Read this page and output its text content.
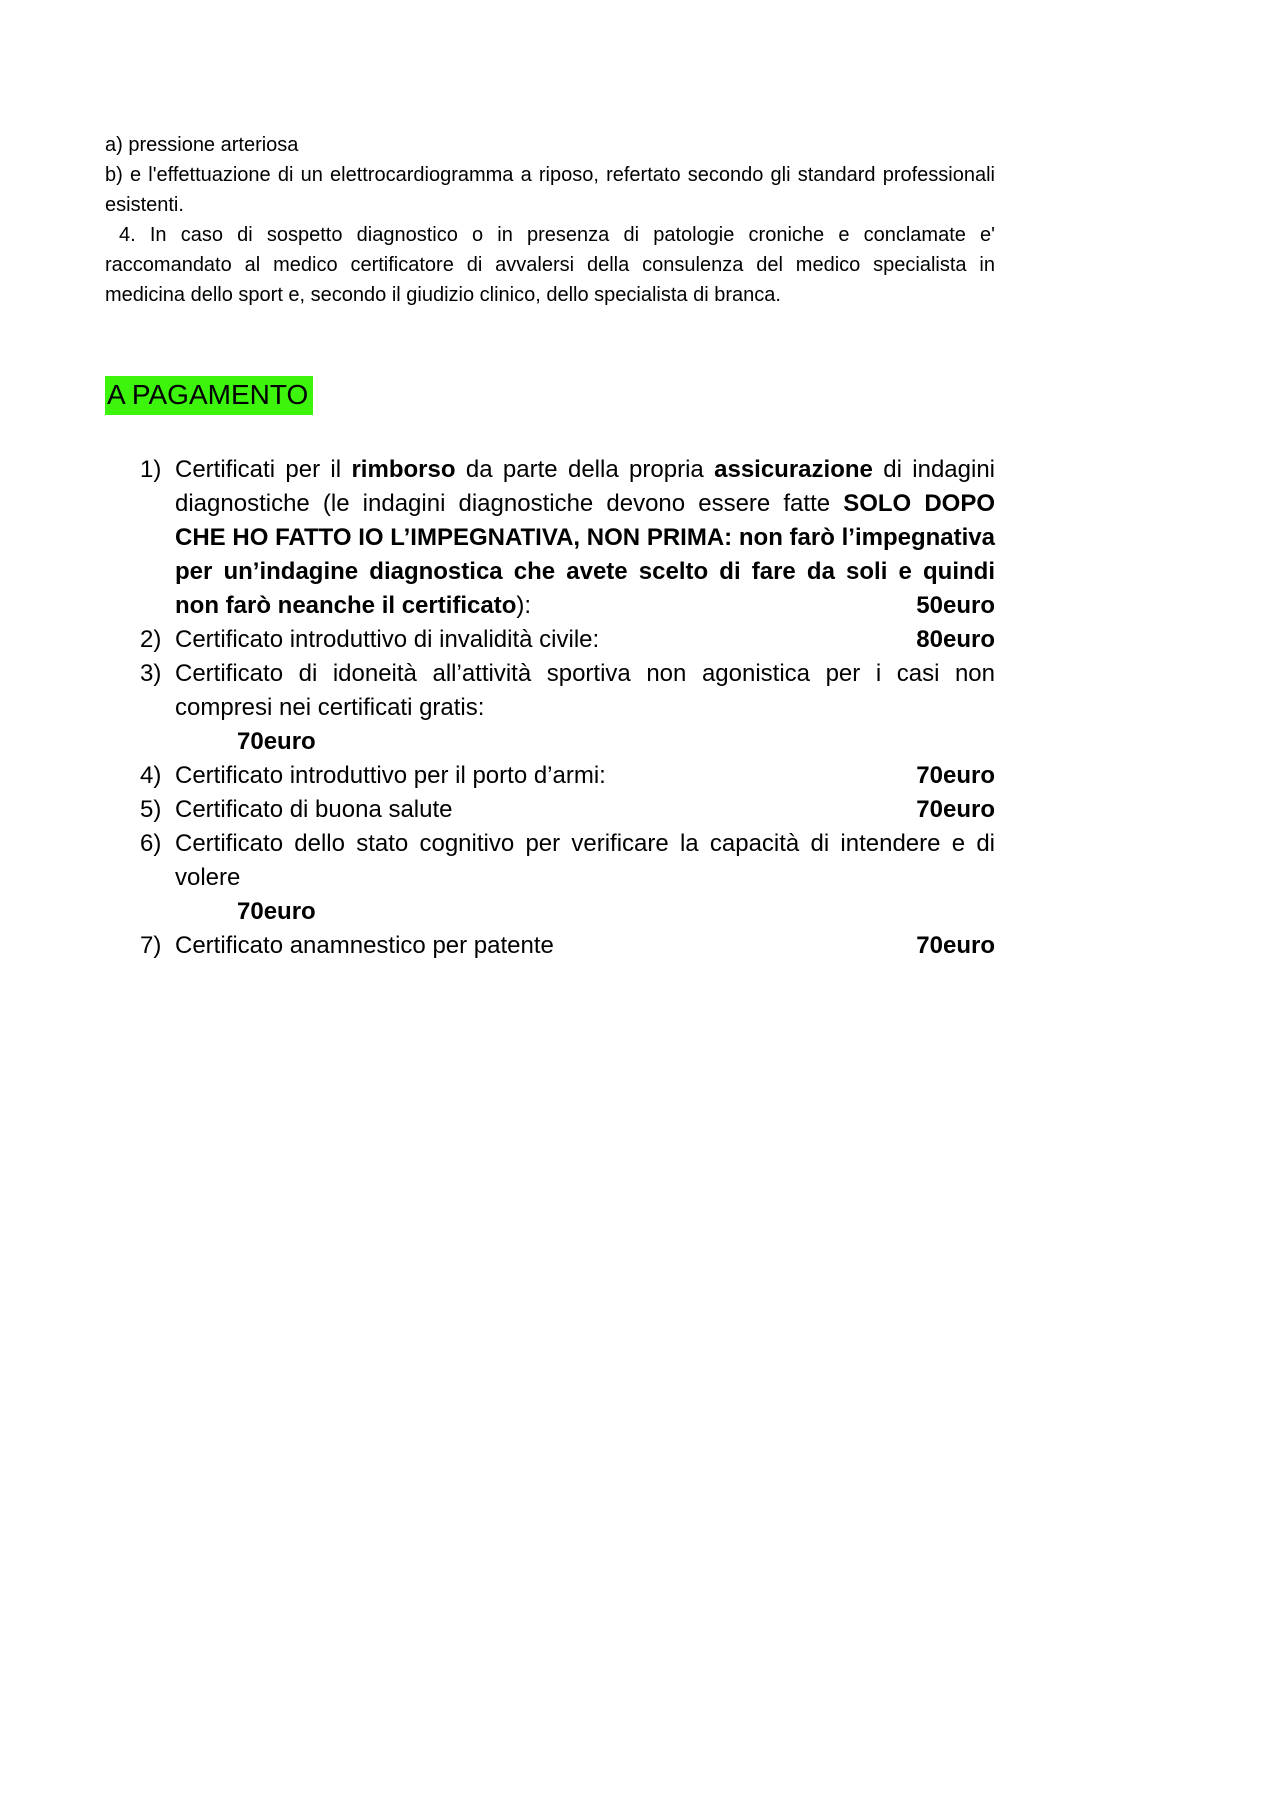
a) pressione arteriosa

b) e l'effettuazione di un elettrocardiogramma a riposo, refertato secondo gli standard professionali esistenti.

4. In caso di sospetto diagnostico o in presenza di patologie croniche e conclamate e' raccomandato al medico certificatore di avvalersi della consulenza del medico specialista in medicina dello sport e, secondo il giudizio clinico, dello specialista di branca.

A PAGAMENTO
1) Certificati per il rimborso da parte della propria assicurazione di indagini diagnostiche (le indagini diagnostiche devono essere fatte SOLO DOPO CHE HO FATTO IO L’IMPEGNATIVA, NON PRIMA: non farò l’impegnativa per un’indagine diagnostica che avete scelto di fare da soli e quindi non farò neanche il certificato):	50euro
2) Certificato introduttivo di invalidità civile:	80euro
3) Certificato di idoneità all’attività sportiva non agonistica per i casi non compresi nei certificati gratis:
70euro
4) Certificato introduttivo per il porto d’armi:	70euro
5) Certificato di buona salute	70euro
6) Certificato dello stato cognitivo per verificare la capacità di intendere e di volere
70euro
7) Certificato anamnestico per patente	70euro
